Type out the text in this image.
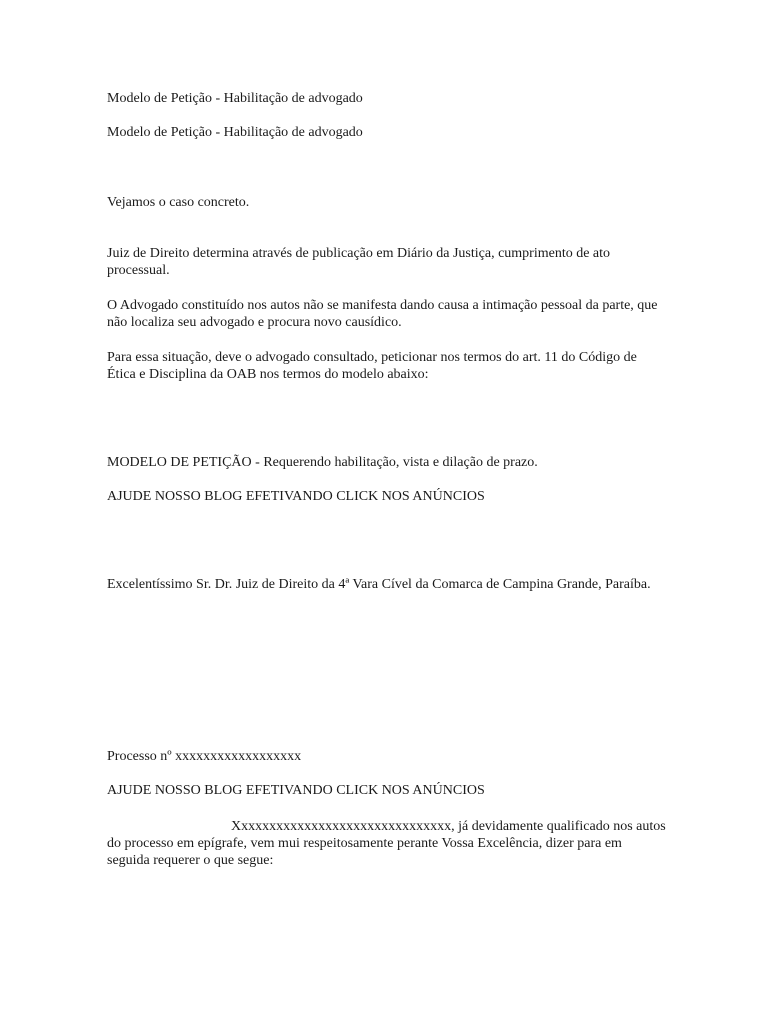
Modelo de Petição - Habilitação de advogado

Modelo de Petição - Habilitação de advogado

Vejamos o caso concreto.

Juiz de Direito determina através de publicação em Diário da Justiça, cumprimento de ato processual.

O Advogado constituído nos autos não se manifesta dando causa a intimação pessoal da parte, que não localiza seu advogado e procura novo causídico.

Para essa situação, deve o advogado consultado, peticionar nos termos do art. 11 do Código de Ética e Disciplina da OAB nos termos do modelo abaixo:

MODELO DE PETIÇÃO - Requerendo habilitação, vista e dilação de prazo.

AJUDE NOSSO BLOG EFETIVANDO CLICK NOS ANÚNCIOS

Excelentíssimo Sr. Dr. Juiz de Direito da 4ª Vara Cível da Comarca de Campina Grande, Paraíba.

Processo nº xxxxxxxxxxxxxxxxxx

AJUDE NOSSO BLOG EFETIVANDO CLICK NOS ANÚNCIOS

Xxxxxxxxxxxxxxxxxxxxxxxxxxxxxxx, já devidamente qualificado nos autos do processo em epígrafe, vem mui respeitosamente perante Vossa Excelência, dizer para em seguida requerer o que segue:
